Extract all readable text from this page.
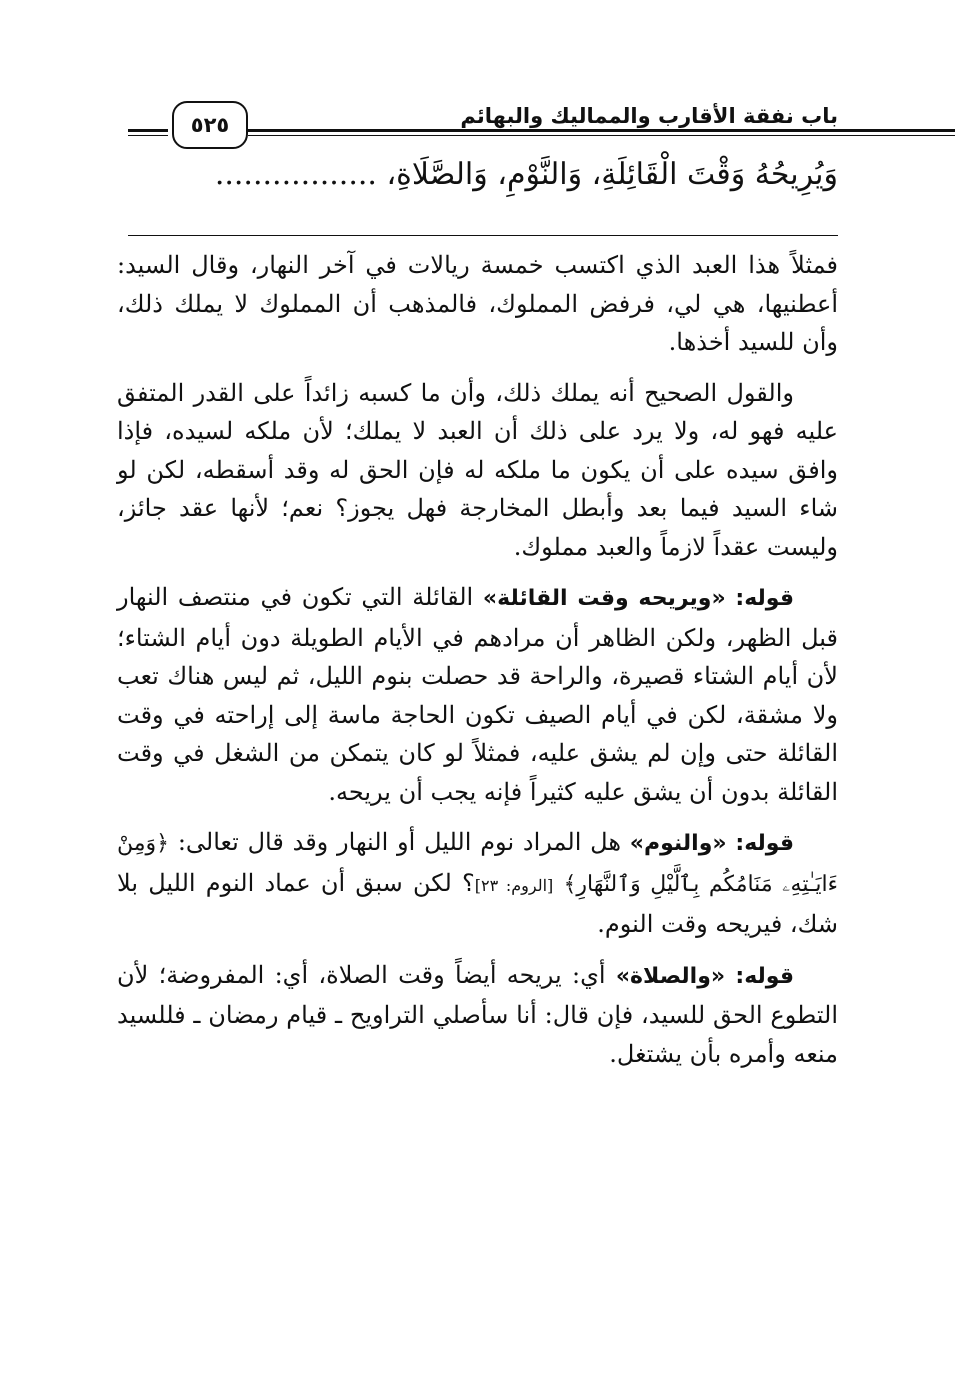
باب نفقة الأقارب والمماليك والبهائم
٥٢٥
وَيُرِيحُهُ وَقْتَ الْقَائِلَةِ، وَالنَّوْمِ، وَالصَّلَاةِ، .................

فمثلاً هذا العبد الذي اكتسب خمسة ريالات في آخر النهار، وقال السيد: أعطنيها، هي لي، فرفض المملوك، فالمذهب أن المملوك لا يملك ذلك، وأن للسيد أخذها.

والقول الصحيح أنه يملك ذلك، وأن ما كسبه زائداً على القدر المتفق عليه فهو له، ولا يرد على ذلك أن العبد لا يملك؛ لأن ملكه لسيده، فإذا وافق سيده على أن يكون ما ملكه له فإن الحق له وقد أسقطه، لكن لو شاء السيد فيما بعد وأبطل المخارجة فهل يجوز؟ نعم؛ لأنها عقد جائز، وليست عقداً لازماً والعبد مملوك.

قوله: «ويريحه وقت القائلة» القائلة التي تكون في منتصف النهار قبل الظهر، ولكن الظاهر أن مرادهم في الأيام الطويلة دون أيام الشتاء؛ لأن أيام الشتاء قصيرة، والراحة قد حصلت بنوم الليل، ثم ليس هناك تعب ولا مشقة، لكن في أيام الصيف تكون الحاجة ماسة إلى إراحته في وقت القائلة حتى وإن لم يشق عليه، فمثلاً لو كان يتمكن من الشغل في وقت القائلة بدون أن يشق عليه كثيراً فإنه يجب أن يريحه.

قوله: «والنوم» هل المراد نوم الليل أو النهار وقد قال تعالى: ﴿وَمِنْ ءَايَـٰتِهِۦ مَنَامُكُم بِٱلَّيْلِ وَٱلنَّهَارِ﴾ [الروم: ٢٣]؟ لكن سبق أن عماد النوم الليل بلا شك، فيريحه وقت النوم.

قوله: «والصلاة» أي: يريحه أيضاً وقت الصلاة، أي: المفروضة؛ لأن التطوع الحق للسيد، فإن قال: أنا سأصلي التراويح ـ قيام رمضان ـ فللسيد منعه وأمره بأن يشتغل.
